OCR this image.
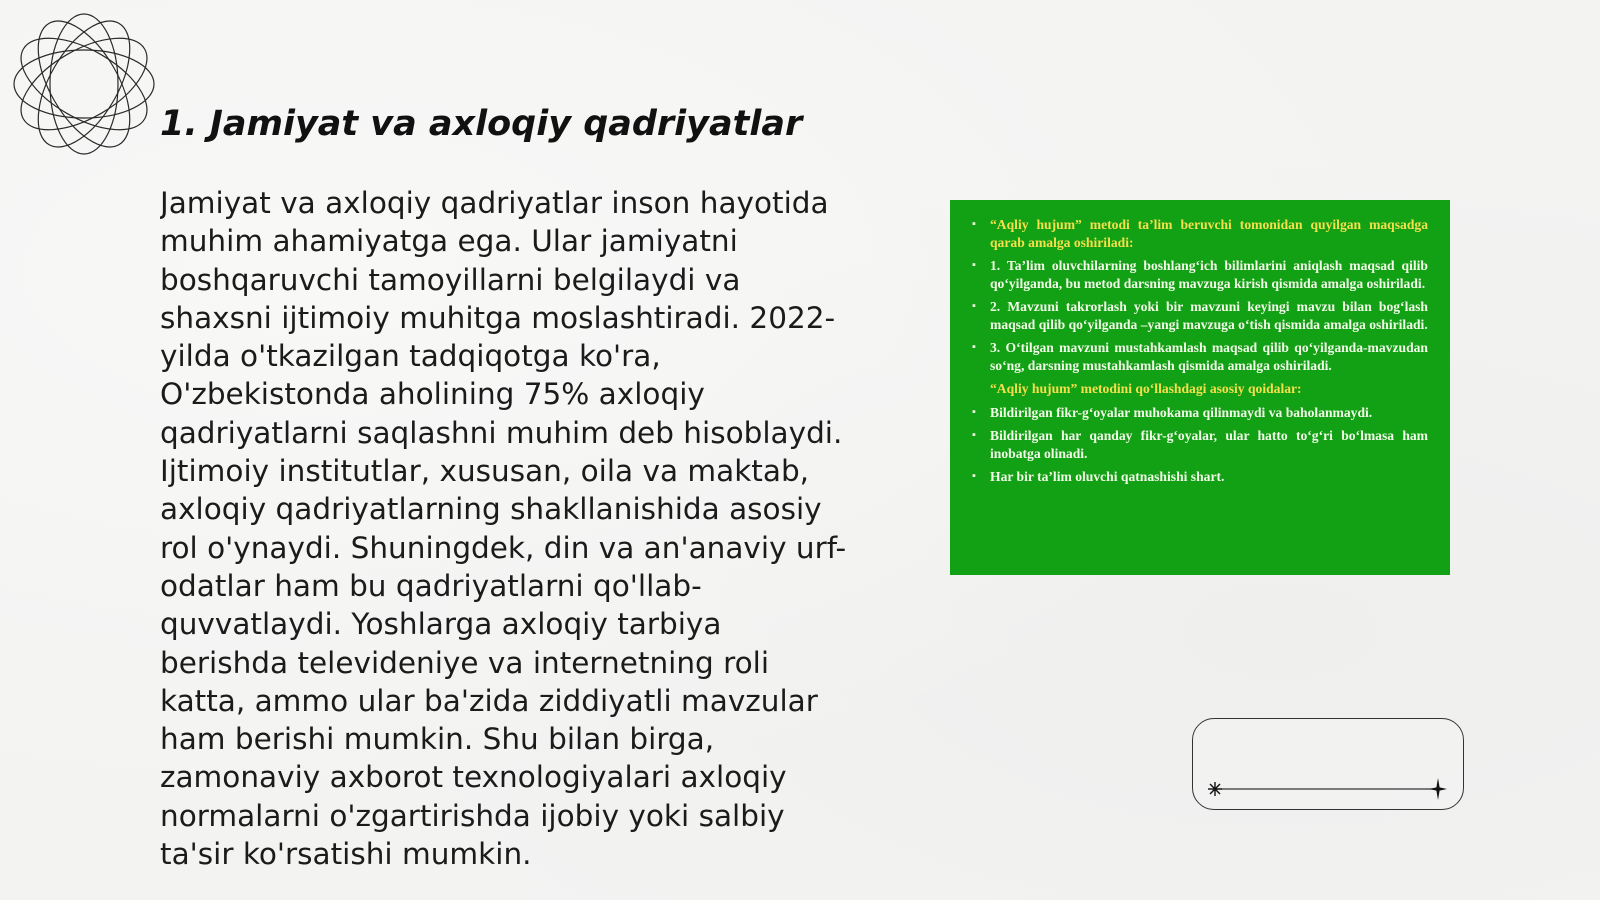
1. Jamiyat va axloqiy qadriyatlar

Jamiyat va axloqiy qadriyatlar inson hayotida muhim ahamiyatga ega. Ular jamiyatni boshqaruvchi tamoyillarni belgilaydi va shaxsni ijtimoiy muhitga moslashtiradi. 2022-yilda o'tkazilgan tadqiqotga ko'ra, O'zbekistonda aholining 75% axloqiy qadriyatlarni saqlashni muhim deb hisoblaydi. Ijtimoiy institutlar, xususan, oila va maktab, axloqiy qadriyatlarning shakllanishida asosiy rol o'ynaydi. Shuningdek, din va an'anaviy urf-odatlar ham bu qadriyatlarni qo'llab-quvvatlaydi. Yoshlarga axloqiy tarbiya berishda televideniye va internetning roli katta, ammo ular ba'zida ziddiyatli mavzular ham berishi mumkin. Shu bilan birga, zamonaviy axborot texnologiyalari axloqiy normalarni o'zgartirishda ijobiy yoki salbiy ta'sir ko'rsatishi mumkin.

▪ “Aqliy hujum” metodi ta’lim beruvchi tomonidan quyilgan maqsadga qarab amalga oshiriladi:
▪ 1. Ta’lim oluvchilarning boshlang‘ich bilimlarini aniqlash maqsad qilib qo‘yilganda, bu metod darsning mavzuga kirish qismida amalga oshiriladi.
▪ 2. Mavzuni takrorlash yoki bir mavzuni keyingi mavzu bilan bog‘lash maqsad qilib qo‘yilganda –yangi mavzuga o‘tish qismida amalga oshiriladi.
▪ 3. O‘tilgan mavzuni mustahkamlash maqsad qilib qo‘yilganda-mavzudan so‘ng, darsning mustahkamlash qismida amalga oshiriladi.
“Aqliy hujum” metodini qo‘llashdagi asosiy qoidalar:
▪ Bildirilgan fikr-g‘oyalar muhokama qilinmaydi va baholanmaydi.
▪ Bildirilgan har qanday fikr-g‘oyalar, ular hatto to‘g‘ri bo‘lmasa ham inobatga olinadi.
▪ Har bir ta’lim oluvchi qatnashishi shart.
